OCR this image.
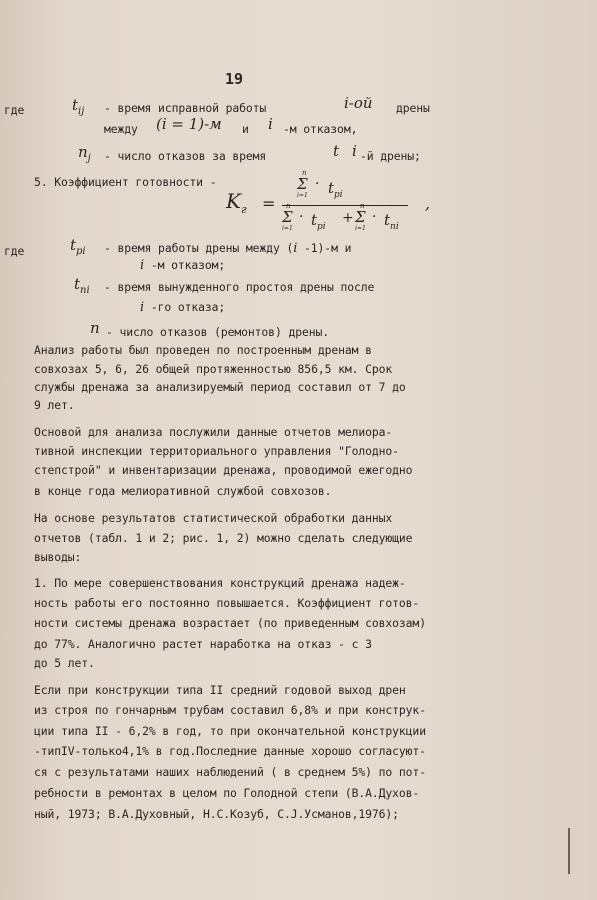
19
где	$t_{ij}$ - время исправной работы	i-ой дрены
между (i = 1)-м и i -м отказом,
$n_j$ - число отказов за время	t i -й дрены;
5. Коэффициент готовности -
$K_г$ =
n
Σ
i=1
· $t_{pi}$	,
n
Σ
i=1
· $t_{pi}$
+
n
Σ
i=1
· $t_{ni}$
где	$t_{pi}$ - время работы дрены между (i -1)-м и
i -м отказом;
$t_{ni}$ - время вынужденного простоя дрены после
i -го отказа;
n - число отказов (ремонтов) дрены.
Анализ работы был проведен по построенным дренам в
совхозах 5, 6, 26 общей протяженностью 856,5 км. Срок
службы дренажа за анализируемый период составил от 7 до
9 лет.
Основой для анализа послужили данные отчетов мелиора-
тивной инспекции территориального управления "Голодно-
степстрой" и инвентаризации дренажа, проводимой ежегодно
в конце года мелиоративной службой совхозов.
На основе результатов статистической обработки данных
отчетов (табл. 1 и 2; рис. 1, 2) можно сделать следующие
выводы:
1. По мере совершенствования конструкций дренажа надеж-
ность работы его постоянно повышается. Коэффициент готов-
ности системы дренажа возрастает (по приведенным совхозам)
до 77%. Аналогично растет наработка на отказ - с 3
до 5 лет.
Если при конструкции типа II средний годовой выход дрен
из строя по гончарным трубам составил 6,8% и при конструк-
ции типа II - 6,2% в год, то при окончательной конструкции
-типIV-только4,1% в год.Последние данные хорошо согласуют-
ся с результатами наших наблюдений ( в среднем 5%) по пот-
ребности в ремонтах в целом по Голодной степи (В.А.Духов-
ный, 1973; В.А.Духовный, Н.С.Козуб, С.Ј.Усманов,1976);
